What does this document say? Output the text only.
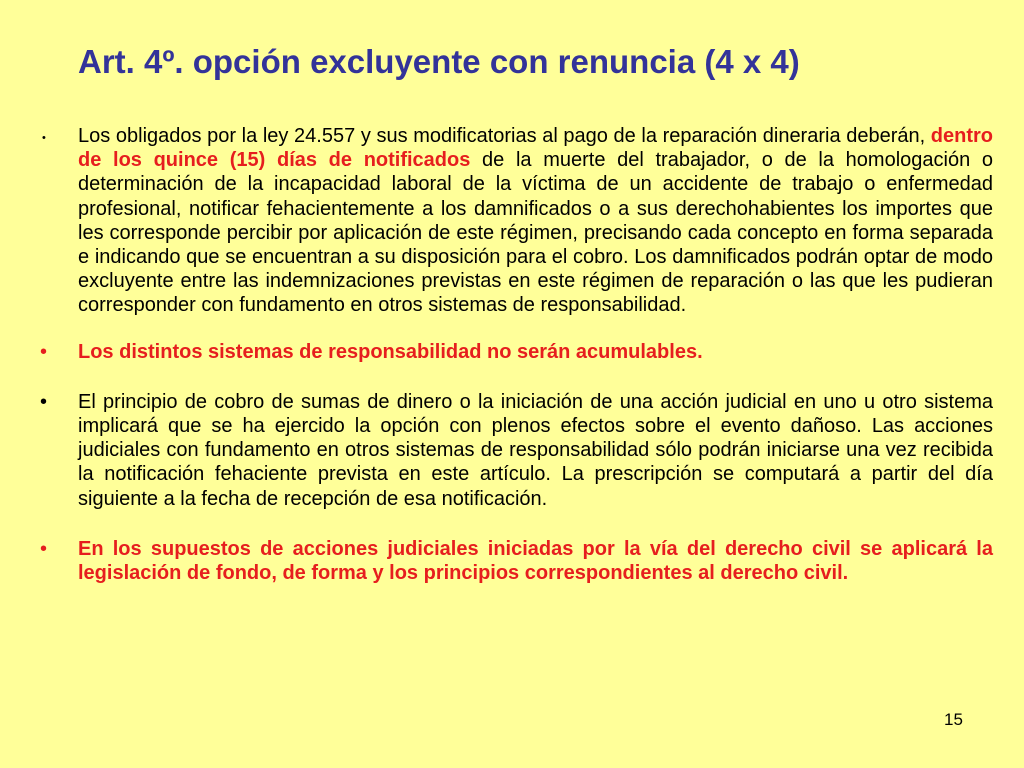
Art. 4º. opción excluyente con renuncia (4 x 4)
• Los obligados por la ley 24.557 y sus modificatorias al pago de la reparación dineraria deberán, dentro de los quince (15) días de notificados de la muerte del trabajador, o de la homologación o determinación de la incapacidad laboral de la víctima de un accidente de trabajo o enfermedad profesional, notificar fehacientemente a los damnificados o a sus derechohabientes los importes que les corresponde percibir por aplicación de este régimen, precisando cada concepto en forma separada e indicando que se encuentran a su disposición para el cobro. Los damnificados podrán optar de modo excluyente entre las indemnizaciones previstas en este régimen de reparación o las que les pudieran corresponder con fundamento en otros sistemas de responsabilidad.

• Los distintos sistemas de responsabilidad no serán acumulables.

• El principio de cobro de sumas de dinero o la iniciación de una acción judicial en uno u otro sistema implicará que se ha ejercido la opción con plenos efectos sobre el evento dañoso. Las acciones judiciales con fundamento en otros sistemas de responsabilidad sólo podrán iniciarse una vez recibida la notificación fehaciente prevista en este artículo. La prescripción se computará a partir del día siguiente a la fecha de recepción de esa notificación.

• En los supuestos de acciones judiciales iniciadas por la vía del derecho civil se aplicará la legislación de fondo, de forma y los principios correspondientes al derecho civil.

15
